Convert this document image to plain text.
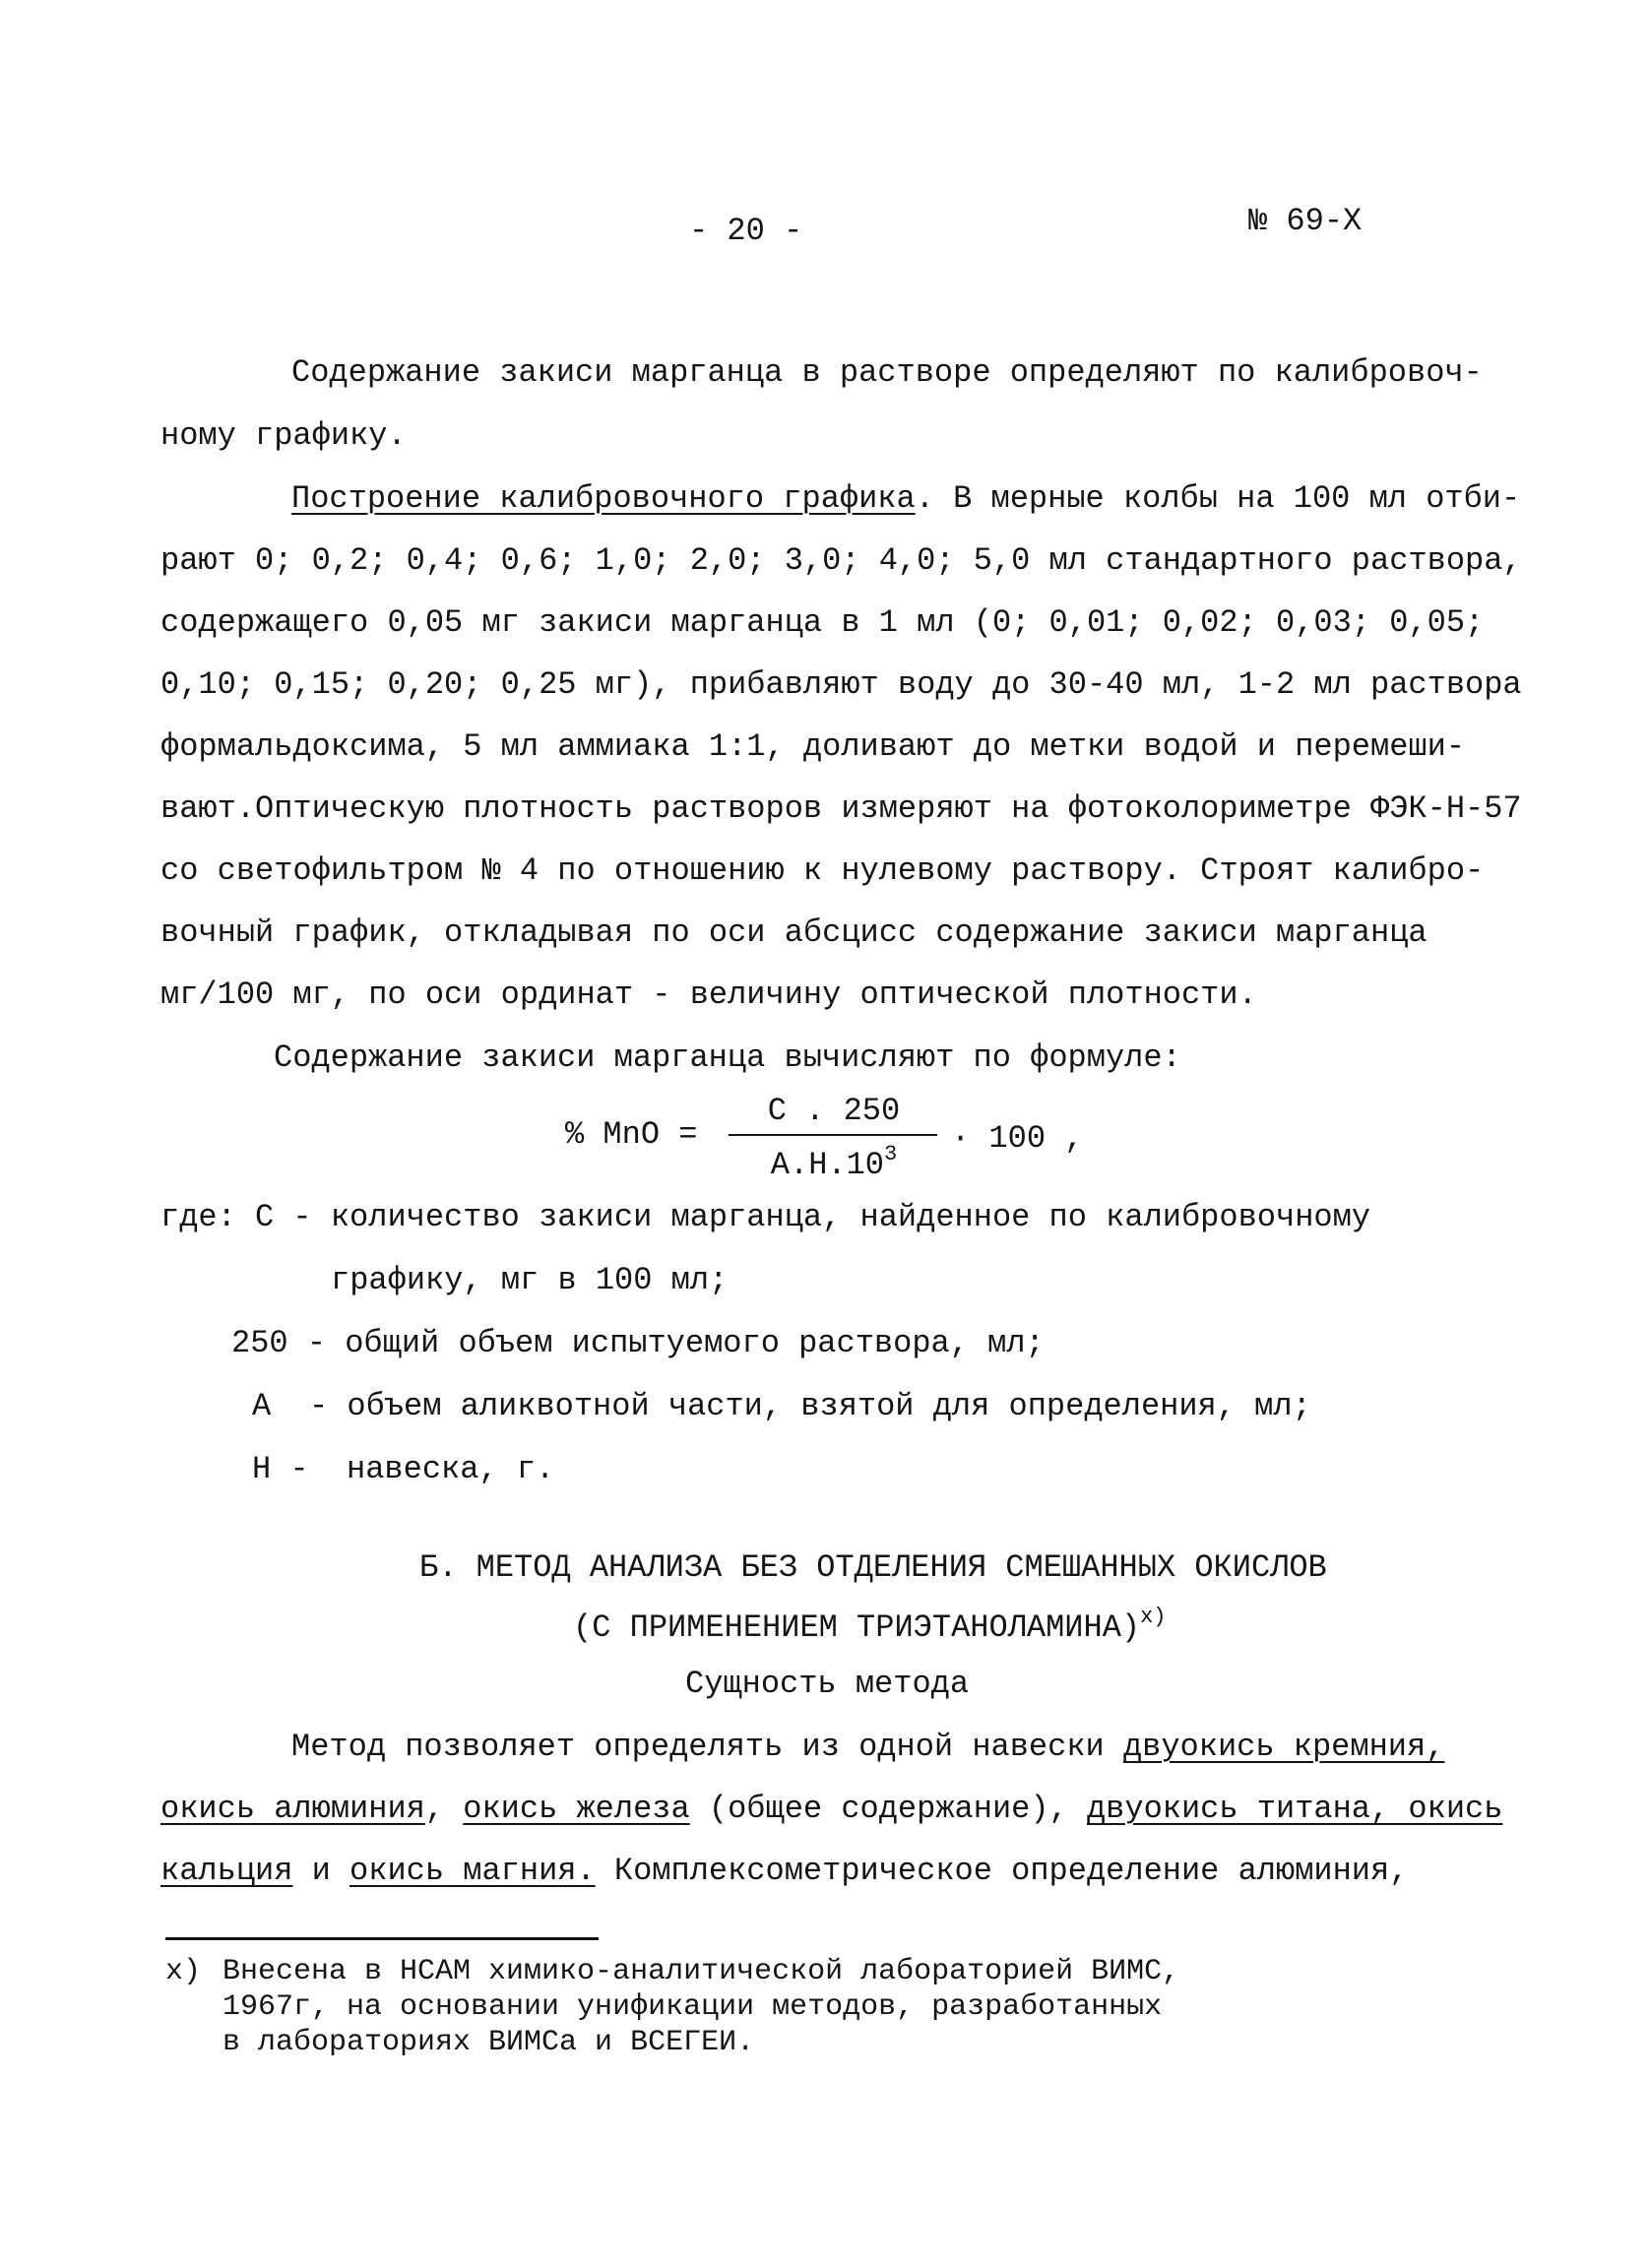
- 20 -	№ 69-Х
Содержание закиси марганца в растворе определяют по калибровоч-
ному графику.
Построение калибровочного графика. В мерные колбы на 100 мл отби-
рают 0; 0,2; 0,4; 0,6; 1,0; 2,0; 3,0; 4,0; 5,0 мл стандартного раствора,
содержащего 0,05 мг закиси марганца в 1 мл (0; 0,01; 0,02; 0,03; 0,05;
0,10; 0,15; 0,20; 0,25 мг), прибавляют воду до 30-40 мл, 1-2 мл раствора
формальдоксима, 5 мл аммиака 1:1, доливают до метки водой и перемеши-
вают.Оптическую плотность растворов измеряют на фотоколориметре ФЭК-Н-57
со светофильтром № 4 по отношению к нулевому раствору. Строят калибро-
вочный график, откладывая по оси абсцисс содержание закиси марганца
мг/100 мг, по оси ординат - величину оптической плотности.
Содержание закиси марганца вычисляют по формуле:
% MnO =
C . 250
$А.Н.10^3$	· 100 ,
где: С - количество закиси марганца, найденное по калибровочному
графику, мг в 100 мл;
250 - общий объем испытуемого раствора, мл;
А - объем аликвотной части, взятой для определения, мл;
Н - навеска, г.
Б. МЕТОД АНАЛИЗА БЕЗ ОТДЕЛЕНИЯ СМЕШАННЫХ ОКИСЛОВ
(С ПРИМЕНЕНИЕМ ТРИЭТАНОЛАМИНА)$^{х)}$
Сущность метода
Метод позволяет определять из одной навески двуокись кремния,
окись алюминия, окись железа (общее содержание), двуокись титана, окись
кальция и окись магния. Комплексометрическое определение алюминия,
х) Внесена в НСАМ химико-аналитической лабораторией ВИМС,
1967г, на основании унификации методов, разработанных
в лабораториях ВИМСа и ВСЕГЕИ.
